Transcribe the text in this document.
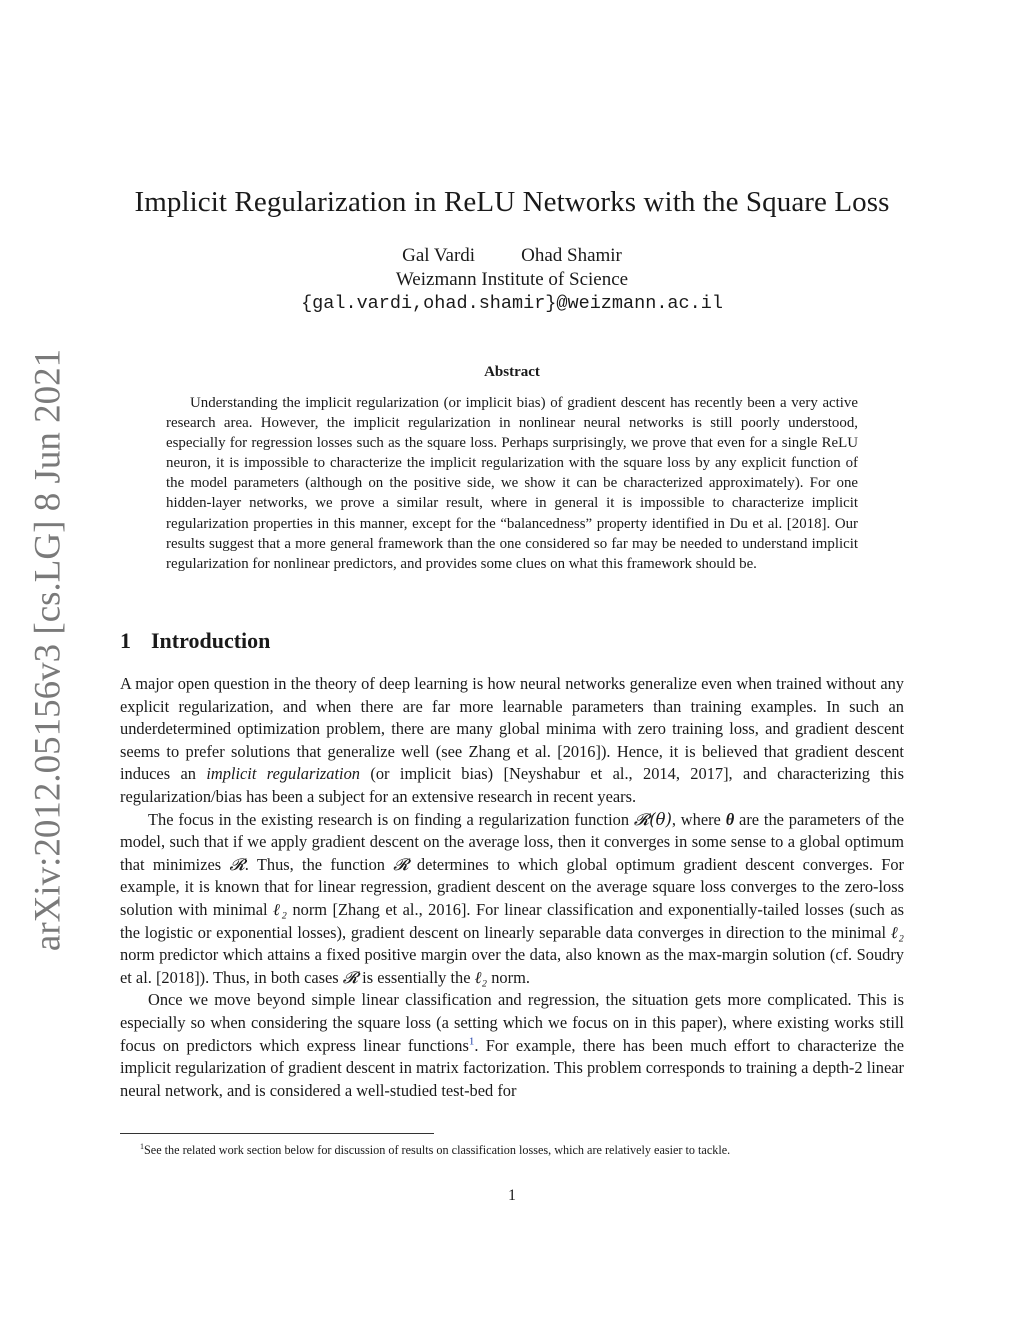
arXiv:2012.05156v3 [cs.LG] 8 Jun 2021
Implicit Regularization in ReLU Networks with the Square Loss
Gal Vardi Ohad Shamir
Weizmann Institute of Science
{gal.vardi,ohad.shamir}@weizmann.ac.il
Abstract
Understanding the implicit regularization (or implicit bias) of gradient descent has recently been a very active research area. However, the implicit regularization in nonlinear neural networks is still poorly understood, especially for regression losses such as the square loss. Perhaps surprisingly, we prove that even for a single ReLU neuron, it is impossible to characterize the implicit regularization with the square loss by any explicit function of the model parameters (although on the positive side, we show it can be characterized approximately). For one hidden-layer networks, we prove a similar result, where in general it is impossible to characterize implicit regularization properties in this manner, except for the “balancedness” property identified in Du et al. [2018]. Our results suggest that a more general framework than the one considered so far may be needed to understand implicit regularization for nonlinear predictors, and provides some clues on what this framework should be.
1 Introduction

A major open question in the theory of deep learning is how neural networks generalize even when trained without any explicit regularization, and when there are far more learnable parameters than training examples. In such an underdetermined optimization problem, there are many global minima with zero training loss, and gradient descent seems to prefer solutions that generalize well (see Zhang et al. [2016]). Hence, it is believed that gradient descent induces an implicit regularization (or implicit bias) [Neyshabur et al., 2014, 2017], and characterizing this regularization/bias has been a subject for an extensive research in recent years.

The focus in the existing research is on finding a regularization function 𝓡(θ), where θ are the parameters of the model, such that if we apply gradient descent on the average loss, then it converges in some sense to a global optimum that minimizes 𝓡. Thus, the function 𝓡 determines to which global optimum gradient descent converges. For example, it is known that for linear regression, gradient descent on the average square loss converges to the zero-loss solution with minimal ℓ₂ norm [Zhang et al., 2016]. For linear classification and exponentially-tailed losses (such as the logistic or exponential losses), gradient descent on linearly separable data converges in direction to the minimal ℓ₂ norm predictor which attains a fixed positive margin over the data, also known as the max-margin solution (cf. Soudry et al. [2018]). Thus, in both cases 𝓡 is essentially the ℓ₂ norm.

Once we move beyond simple linear classification and regression, the situation gets more complicated. This is especially so when considering the square loss (a setting which we focus on in this paper), where existing works still focus on predictors which express linear functions$^1$. For example, there has been much effort to characterize the implicit regularization of gradient descent in matrix factorization. This problem corresponds to training a depth-2 linear neural network, and is considered a well-studied test-bed for

$^1$See the related work section below for discussion of results on classification losses, which are relatively easier to tackle.
1
